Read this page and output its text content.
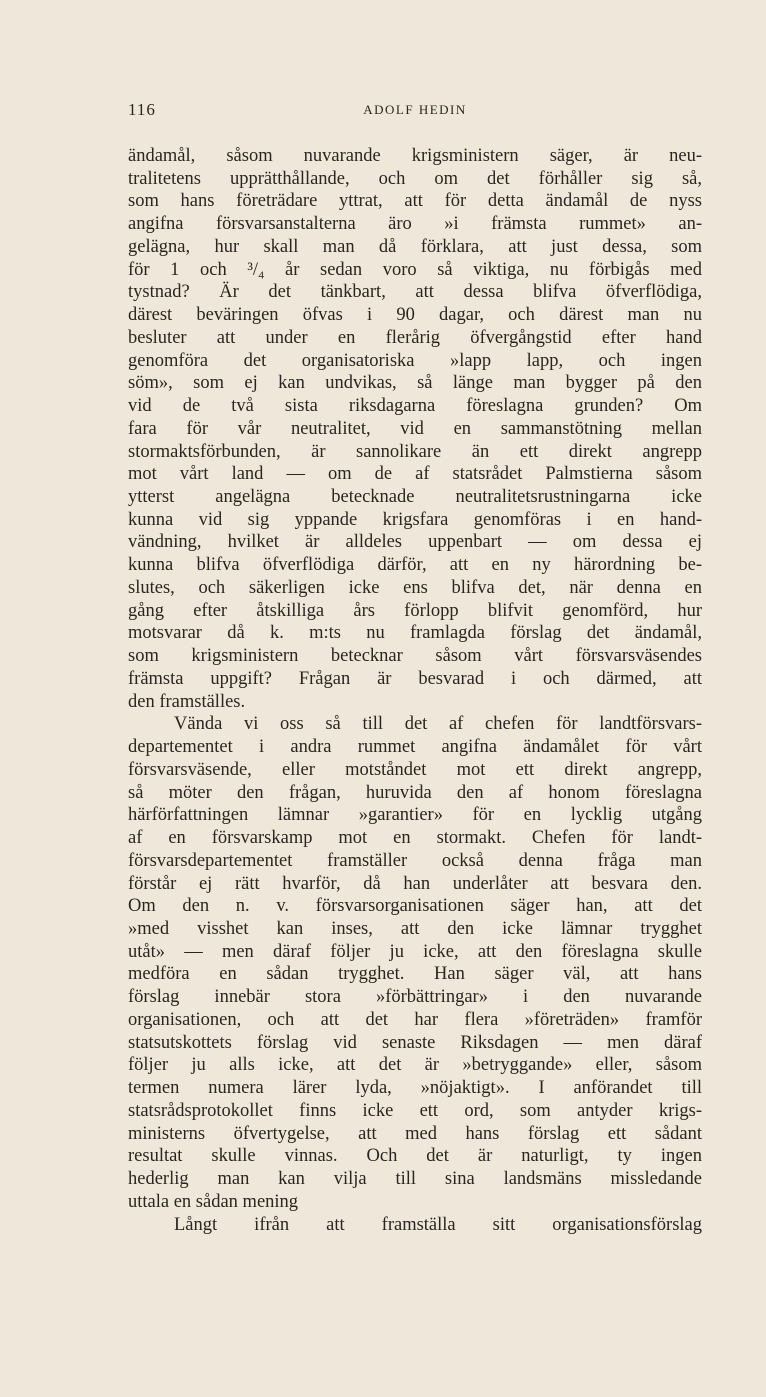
116	ADOLF HEDIN
ändamål, såsom nuvarande krigsministern säger, är neu-
tralitetens upprätthållande, och om det förhåller sig så,
som hans företrädare yttrat, att för detta ändamål de nyss
angifna försvarsanstalterna äro »i främsta rummet» an-
gelägna, hur skall man då förklara, att just dessa, som
för 1 och ³/₄ år sedan voro så viktiga, nu förbigås med
tystnad? Är det tänkbart, att dessa blifva öfverflödiga,
därest beväringen öfvas i 90 dagar, och därest man nu
besluter att under en flerårig öfvergångstid efter hand
genomföra det organisatoriska »lapp lapp, och ingen
söm», som ej kan undvikas, så länge man bygger på den
vid de två sista riksdagarna föreslagna grunden? Om
fara för vår neutralitet, vid en sammanstötning mellan
stormaktsförbunden, är sannolikare än ett direkt angrepp
mot vårt land — om de af statsrådet Palmstierna såsom
ytterst angelägna betecknade neutralitetsrustningarna icke
kunna vid sig yppande krigsfara genomföras i en hand-
vändning, hvilket är alldeles uppenbart — om dessa ej
kunna blifva öfverflödiga därför, att en ny härordning be-
slutes, och säkerligen icke ens blifva det, när denna en
gång efter åtskilliga års förlopp blifvit genomförd, hur
motsvarar då k. m:ts nu framlagda förslag det ändamål,
som krigsministern betecknar såsom vårt försvarsväsendes
främsta uppgift? Frågan är besvarad i och därmed, att
den framställes.
Vända vi oss så till det af chefen för landtförsvars-
departementet i andra rummet angifna ändamålet för vårt
försvarsväsende, eller motståndet mot ett direkt angrepp,
så möter den frågan, huruvida den af honom föreslagna
härförfattningen lämnar »garantier» för en lycklig utgång
af en försvarskamp mot en stormakt. Chefen för landt-
försvarsdepartementet framställer också denna fråga man
förstår ej rätt hvarför, då han underlåter att besvara den.
Om den n. v. försvarsorganisationen säger han, att det
»med visshet kan inses, att den icke lämnar trygghet
utåt» — men däraf följer ju icke, att den föreslagna skulle
medföra en sådan trygghet. Han säger väl, att hans
förslag innebär stora »förbättringar» i den nuvarande
organisationen, och att det har flera »företräden» framför
statsutskottets förslag vid senaste Riksdagen — men däraf
följer ju alls icke, att det är »betryggande» eller, såsom
termen numera lärer lyda, »nöjaktigt». I anförandet till
statsrådsprotokollet finns icke ett ord, som antyder krigs-
ministerns öfvertygelse, att med hans förslag ett sådant
resultat skulle vinnas. Och det är naturligt, ty ingen
hederlig man kan vilja till sina landsmäns missledande
uttala en sådan mening
Långt ifrån att framställa sitt organisationsförslag
